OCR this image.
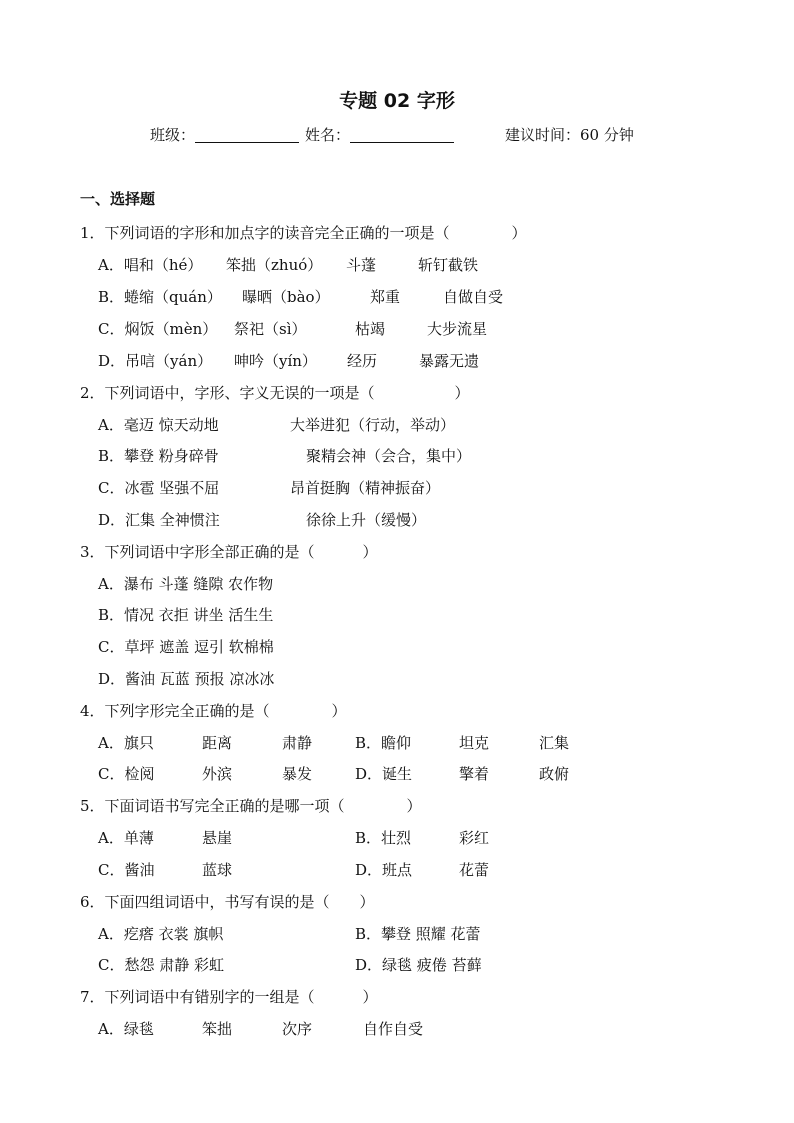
专题 02 字形
班级：	姓名：	建议时间：60 分钟
一、选择题
1．下列词语的字形和加点字的读音完全正确的一项是（	）
A．唱和（hé） 笨拙（zhuó） 斗蓬	斩钉截铁
B．蜷缩（quán） 曝晒（bào）	郑重	自做自受
C．焖饭（mèn） 祭祀（sì）	枯竭	大步流星
D．吊唁（yán） 呻吟（yín） 经历	暴露无遗
2．下列词语中，字形、字义无误的一项是（	）
A．毫迈 惊天动地	大举进犯（行动，举动）
B．攀登 粉身碎骨	聚精会神（会合，集中）
C．冰雹 坚强不屈	昂首挺胸（精神振奋）
D．汇集 全神惯注	徐徐上升（缓慢）
3．下列词语中字形全部正确的是（	）
A．瀑布 斗蓬 缝隙 农作物
B．情况 衣拒 讲坐 活生生
C．草坪 遮盖 逗引 软棉棉
D．酱油 瓦蓝 预报 凉冰冰
4．下列字形完全正确的是（	）
A．旗只	距离	肃静	B．瞻仰	坦克	汇集
C．检阅	外滨	暴发	D．诞生	擎着	政俯
5．下面词语书写完全正确的是哪一项（	）
A．单薄	悬崖	B．壮烈	彩红
C．酱油	蓝球	D．班点	花蕾
6．下面四组词语中，书写有误的是（ ）
A．疙瘩 衣裳 旗帜	B．攀登 照耀 花蕾
C．愁怨 肃静 彩虹	D．绿毯 疲倦 苔藓
7．下列词语中有错别字的一组是（	）
A．绿毯	笨拙	次序	自作自受
